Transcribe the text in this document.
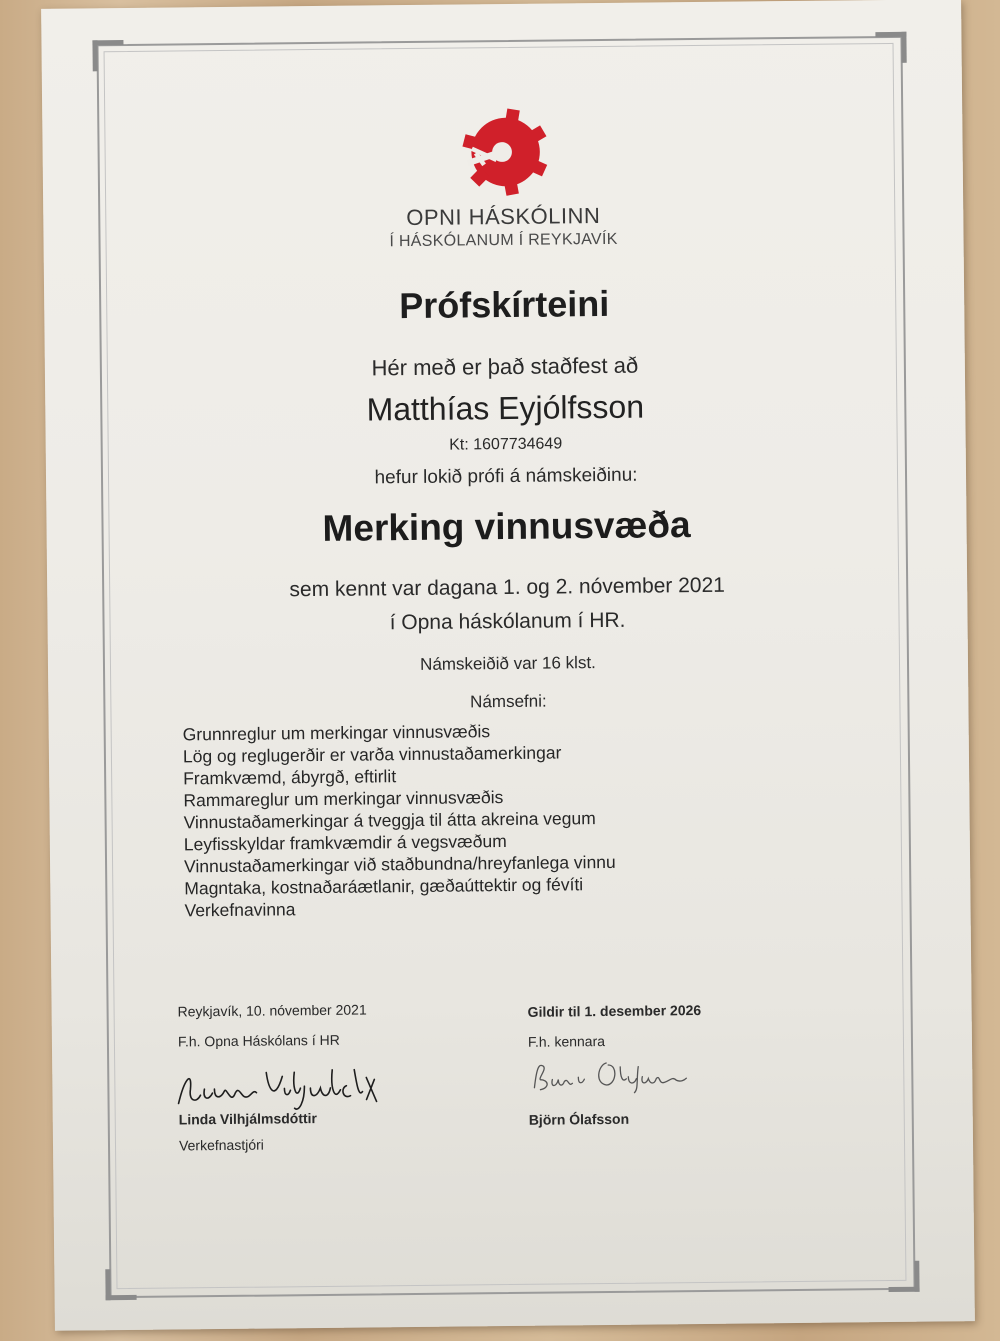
OPNI HÁSKÓLINN
Í HÁSKÓLANUM Í REYKJAVÍK
Prófskírteini
Hér með er það staðfest að
Matthías Eyjólfsson
Kt: 1607734649
hefur lokið prófi á námskeiðinu:
Merking vinnusvæða
sem kennt var dagana 1. og 2. nóvember 2021
í Opna háskólanum í HR.
Námskeiðið var 16 klst.
Námsefni:
Grunnreglur um merkingar vinnusvæðis
Lög og reglugerðir er varða vinnustaðamerkingar
Framkvæmd, ábyrgð, eftirlit
Rammareglur um merkingar vinnusvæðis
Vinnustaðamerkingar á tveggja til átta akreina vegum
Leyfisskyldar framkvæmdir á vegsvæðum
Vinnustaðamerkingar við staðbundna/hreyfanlega vinnu
Magntaka, kostnaðaráætlanir, gæðaúttektir og févíti
Verkefnavinna
Reykjavík, 10. nóvember 2021
F.h. Opna Háskólans í HR
Linda Vilhjálmsdóttir
Verkefnastjóri
Gildir til 1. desember 2026
F.h. kennara
Björn Ólafsson
